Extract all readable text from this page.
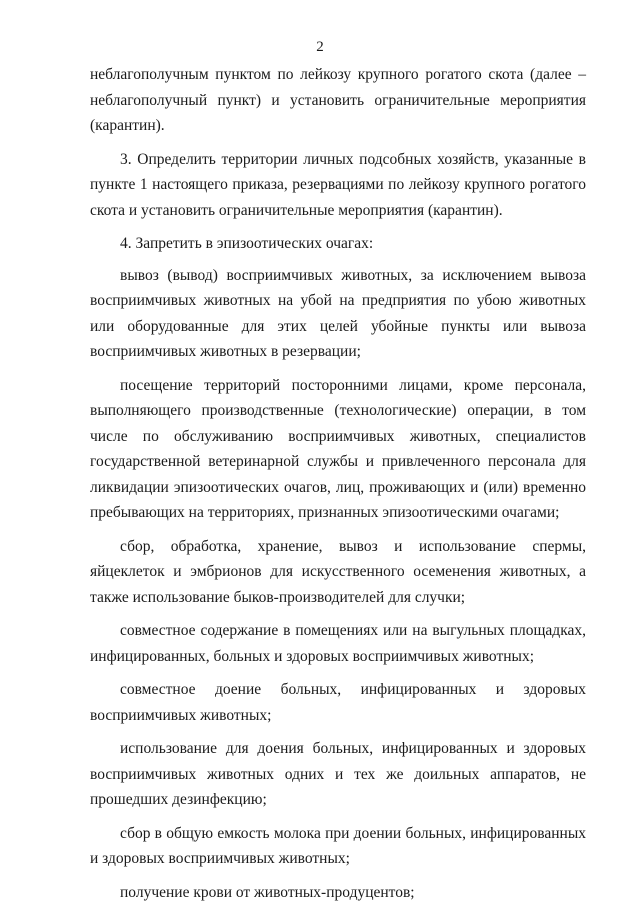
2

неблагополучным пунктом по лейкозу крупного рогатого скота (далее – неблагополучный пункт) и установить ограничительные мероприятия (карантин).

3. Определить территории личных подсобных хозяйств, указанные в пункте 1 настоящего приказа, резервациями по лейкозу крупного рогатого скота и установить ограничительные мероприятия (карантин).

4. Запретить в эпизоотических очагах:

вывоз (вывод) восприимчивых животных, за исключением вывоза восприимчивых животных на убой на предприятия по убою животных или оборудованные для этих целей убойные пункты или вывоза восприимчивых животных в резервации;

посещение территорий посторонними лицами, кроме персонала, выполняющего производственные (технологические) операции, в том числе по обслуживанию восприимчивых животных, специалистов государственной ветеринарной службы и привлеченного персонала для ликвидации эпизоотических очагов, лиц, проживающих и (или) временно пребывающих на территориях, признанных эпизоотическими очагами;

сбор, обработка, хранение, вывоз и использование спермы, яйцеклеток и эмбрионов для искусственного осеменения животных, а также использование быков-производителей для случки;

совместное содержание в помещениях или на выгульных площадках, инфицированных, больных и здоровых восприимчивых животных;

совместное доение больных, инфицированных и здоровых восприимчивых животных;

использование для доения больных, инфицированных и здоровых восприимчивых животных одних и тех же доильных аппаратов, не прошедших дезинфекцию;

сбор в общую емкость молока при доении больных, инфицированных и здоровых восприимчивых животных;

получение крови от животных-продуцентов;
